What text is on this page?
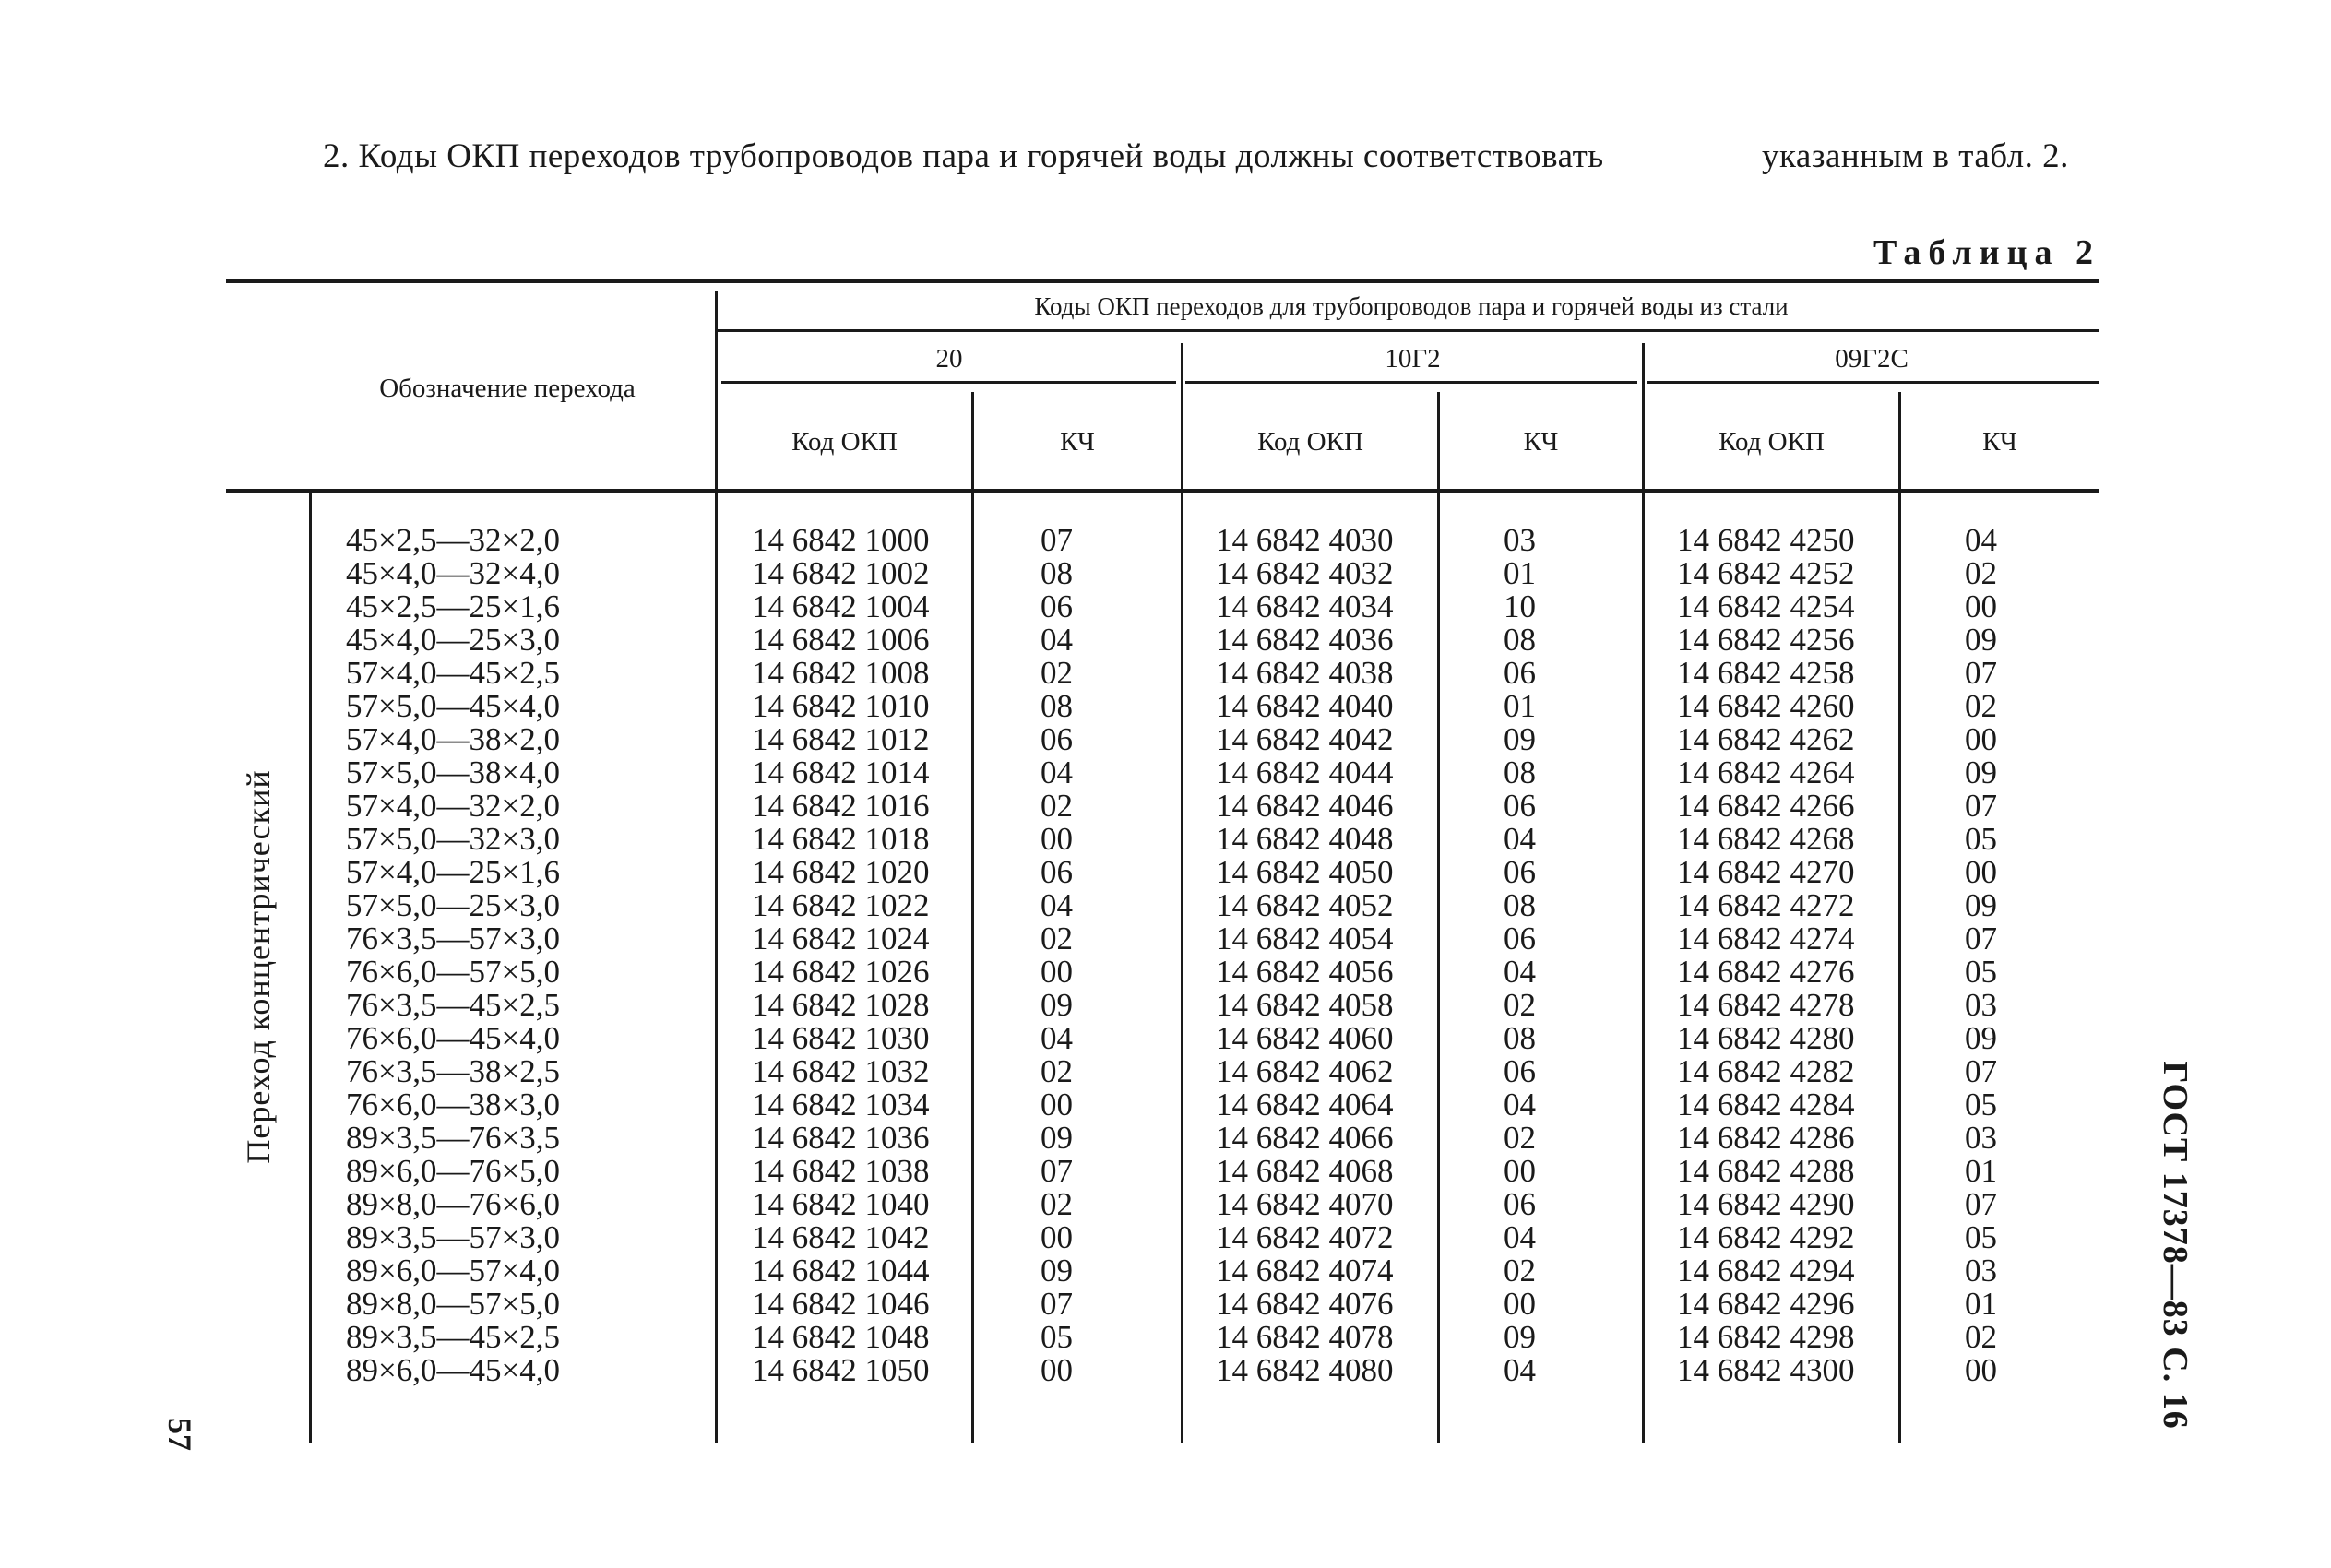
2. Коды ОКП переходов трубопроводов пара и горячей воды должны соответствовать	указанным в табл. 2.
Таблица 2
Обозначение перехода
Коды ОКП переходов для трубопроводов пара и горячей воды из стали
20	10Г2	09Г2С
Код ОКП	КЧ	Код ОКП	КЧ	Код ОКП	КЧ
Переход концентрический
ГОСТ 17378—83 С. 16
57
45×2,5—32×2,0	14 6842 1000	07	14 6842 4030	03	14 6842 4250	04
45×4,0—32×4,0	14 6842 1002	08	14 6842 4032	01	14 6842 4252	02
45×2,5—25×1,6	14 6842 1004	06	14 6842 4034	10	14 6842 4254	00
45×4,0—25×3,0	14 6842 1006	04	14 6842 4036	08	14 6842 4256	09
57×4,0—45×2,5	14 6842 1008	02	14 6842 4038	06	14 6842 4258	07
57×5,0—45×4,0	14 6842 1010	08	14 6842 4040	01	14 6842 4260	02
57×4,0—38×2,0	14 6842 1012	06	14 6842 4042	09	14 6842 4262	00
57×5,0—38×4,0	14 6842 1014	04	14 6842 4044	08	14 6842 4264	09
57×4,0—32×2,0	14 6842 1016	02	14 6842 4046	06	14 6842 4266	07
57×5,0—32×3,0	14 6842 1018	00	14 6842 4048	04	14 6842 4268	05
57×4,0—25×1,6	14 6842 1020	06	14 6842 4050	06	14 6842 4270	00
57×5,0—25×3,0	14 6842 1022	04	14 6842 4052	08	14 6842 4272	09
76×3,5—57×3,0	14 6842 1024	02	14 6842 4054	06	14 6842 4274	07
76×6,0—57×5,0	14 6842 1026	00	14 6842 4056	04	14 6842 4276	05
76×3,5—45×2,5	14 6842 1028	09	14 6842 4058	02	14 6842 4278	03
76×6,0—45×4,0	14 6842 1030	04	14 6842 4060	08	14 6842 4280	09
76×3,5—38×2,5	14 6842 1032	02	14 6842 4062	06	14 6842 4282	07
76×6,0—38×3,0	14 6842 1034	00	14 6842 4064	04	14 6842 4284	05
89×3,5—76×3,5	14 6842 1036	09	14 6842 4066	02	14 6842 4286	03
89×6,0—76×5,0	14 6842 1038	07	14 6842 4068	00	14 6842 4288	01
89×8,0—76×6,0	14 6842 1040	02	14 6842 4070	06	14 6842 4290	07
89×3,5—57×3,0	14 6842 1042	00	14 6842 4072	04	14 6842 4292	05
89×6,0—57×4,0	14 6842 1044	09	14 6842 4074	02	14 6842 4294	03
89×8,0—57×5,0	14 6842 1046	07	14 6842 4076	00	14 6842 4296	01
89×3,5—45×2,5	14 6842 1048	05	14 6842 4078	09	14 6842 4298	02
89×6,0—45×4,0	14 6842 1050	00	14 6842 4080	04	14 6842 4300	00
